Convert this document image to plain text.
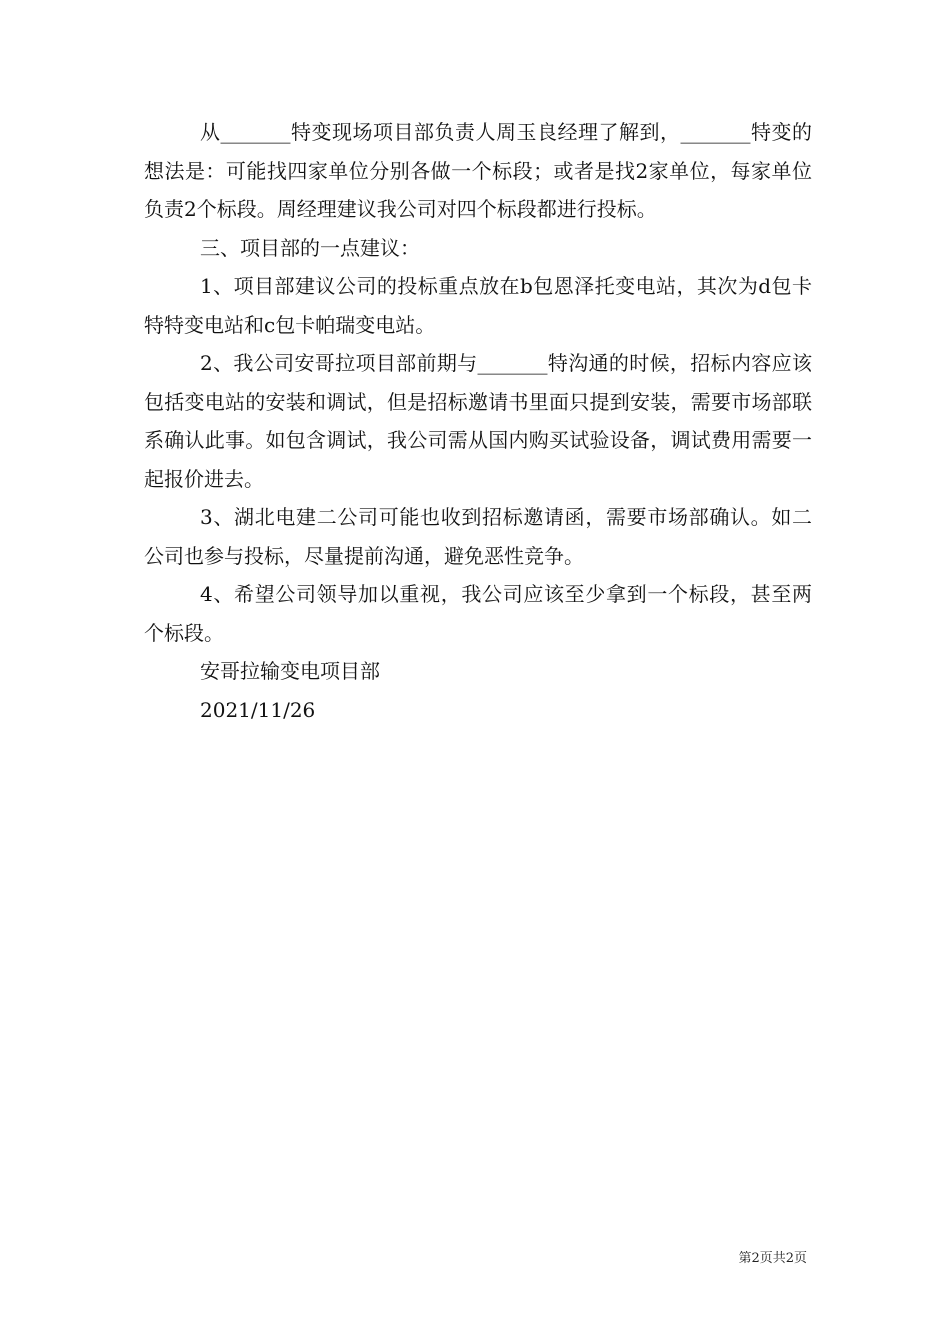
从_______特变现场项目部负责人周玉良经理了解到，_______特变的想法是：可能找四家单位分别各做一个标段；或者是找2家单位，每家单位负责2个标段。周经理建议我公司对四个标段都进行投标。

三、项目部的一点建议：

1、项目部建议公司的投标重点放在b包恩泽托变电站，其次为d包卡特特变电站和c包卡帕瑞变电站。

2、我公司安哥拉项目部前期与_______特沟通的时候，招标内容应该包括变电站的安装和调试，但是招标邀请书里面只提到安装，需要市场部联系确认此事。如包含调试，我公司需从国内购买试验设备，调试费用需要一起报价进去。

3、湖北电建二公司可能也收到招标邀请函，需要市场部确认。如二公司也参与投标，尽量提前沟通，避免恶性竞争。

4、希望公司领导加以重视，我公司应该至少拿到一个标段，甚至两个标段。

安哥拉输变电项目部

2021/11/26

第2页共2页
